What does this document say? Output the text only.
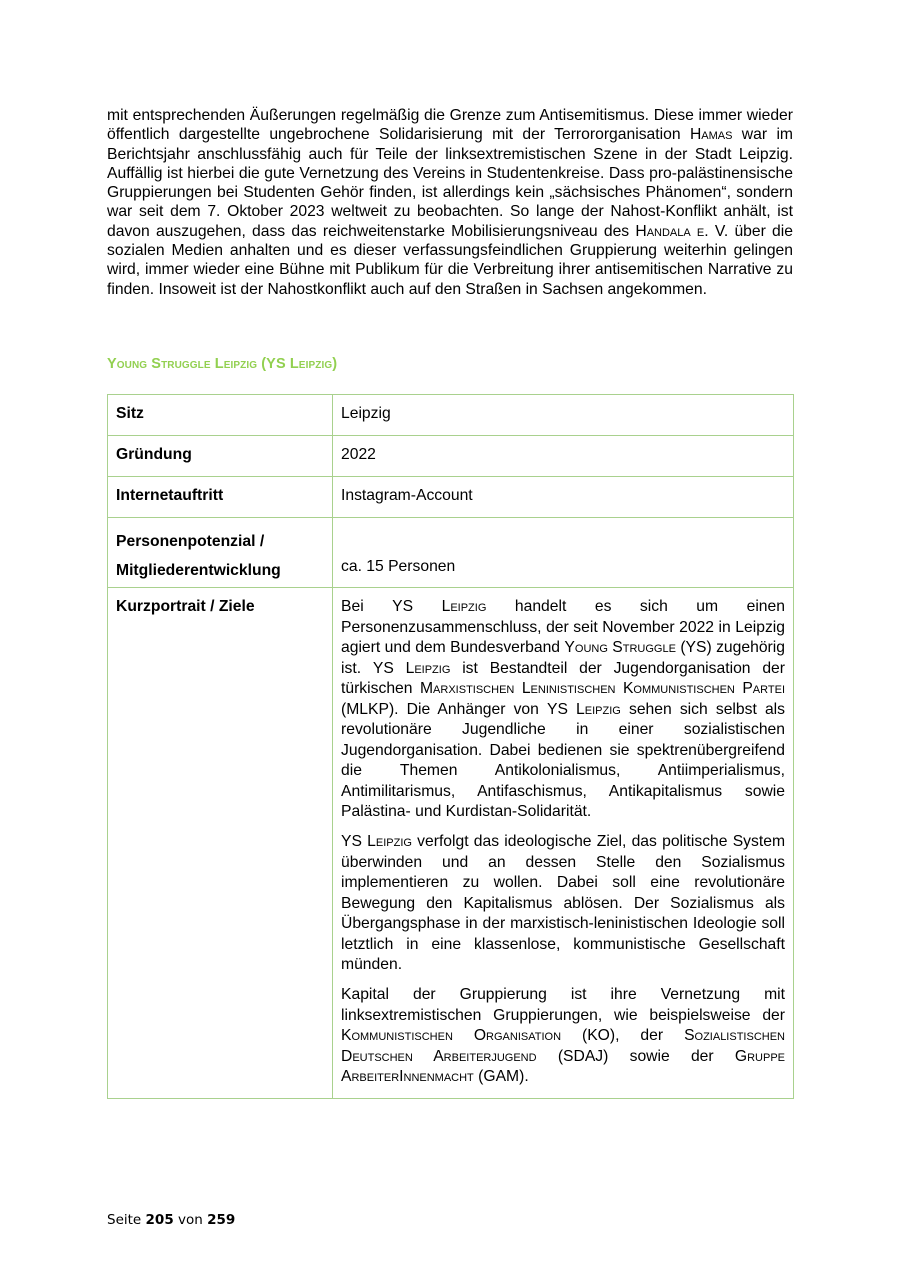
mit entsprechenden Äußerungen regelmäßig die Grenze zum Antisemitismus. Diese immer wieder öffentlich dargestellte ungebrochene Solidarisierung mit der Terrororganisation Hamas war im Berichtsjahr anschlussfähig auch für Teile der linksextremistischen Szene in der Stadt Leipzig. Auffällig ist hierbei die gute Vernetzung des Vereins in Studentenkreise. Dass pro-palästinensische Gruppierungen bei Studenten Gehör finden, ist allerdings kein „sächsisches Phänomen“, sondern war seit dem 7. Oktober 2023 weltweit zu beobachten. So lange der Nahost-Konflikt anhält, ist davon auszugehen, dass das reichweitenstarke Mobilisierungsniveau des Handala e. V. über die sozialen Medien anhalten und es dieser verfassungsfeindlichen Gruppierung weiterhin gelingen wird, immer wieder eine Bühne mit Publikum für die Verbreitung ihrer antisemitischen Narrative zu finden. Insoweit ist der Nahostkonflikt auch auf den Straßen in Sachsen angekommen.

Young Struggle Leipzig (YS Leipzig)
Sitz	Leipzig

Gründung	2022

Internetauftritt	Instagram-Account

Personenpotenzial /
Mitgliederentwicklung	ca. 15 Personen

Kurzportrait / Ziele	Bei YS Leipzig handelt es sich um einen Personenzusammenschluss, der seit November 2022 in Leipzig agiert und dem Bundesverband Young Struggle (YS) zugehörig ist. YS Leipzig ist Bestandteil der Jugendorganisation der türkischen Marxistischen Leninistischen Kommunistischen Partei (MLKP). Die Anhänger von YS Leipzig sehen sich selbst als revolutionäre Jugendliche in einer sozialistischen Jugendorganisation. Dabei bedienen sie spektrenübergreifend die Themen Antikolonialismus, Antiimperialismus, Antimilitarismus, Antifaschismus, Antikapitalismus sowie Palästina- und Kurdistan-Solidarität.

YS Leipzig verfolgt das ideologische Ziel, das politische System überwinden und an dessen Stelle den Sozialismus implementieren zu wollen. Dabei soll eine revolutionäre Bewegung den Kapitalismus ablösen. Der Sozialismus als Übergangsphase in der marxistisch-leninistischen Ideologie soll letztlich in eine klassenlose, kommunistische Gesellschaft münden.

Kapital der Gruppierung ist ihre Vernetzung mit linksextremistischen Gruppierungen, wie beispielsweise der Kommunistischen Organisation (KO), der Sozialistischen Deutschen Arbeiterjugend (SDAJ) sowie der Gruppe ArbeiterInnenmacht (GAM).

Seite 205 von 259
